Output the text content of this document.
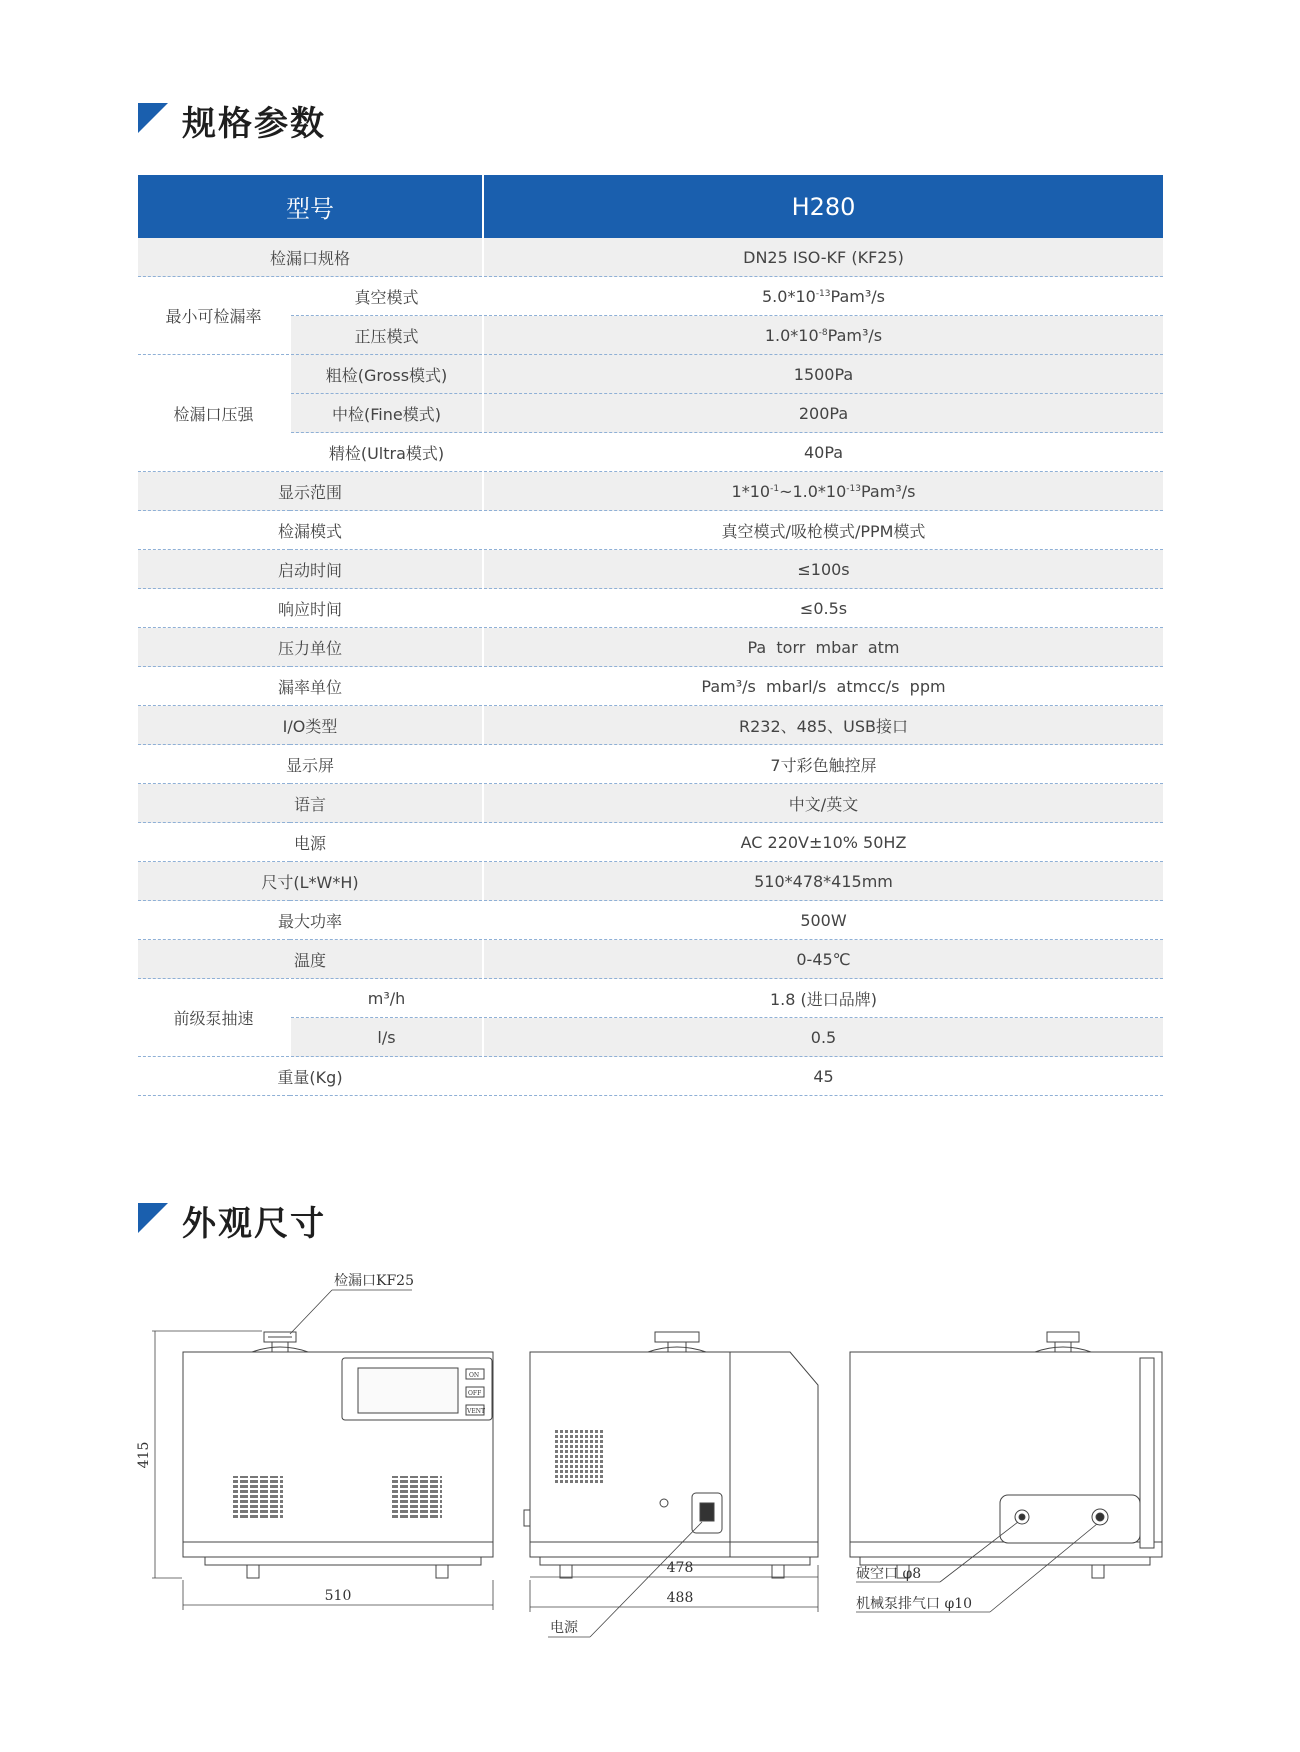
规格参数
型号		H280
检漏口规格		DN25 ISO-KF (KF25)
最小可检漏率	真空模式	$5.0*10^{-13}Pam^3/s$
	正压模式	$1.0*10^{-8}Pam^3/s$
检漏口压强	粗检(Gross模式)	1500Pa
	中检(Fine模式)	200Pa
	精检(Ultra模式)	40Pa
显示范围		$1*10^{-1}\sim 1.0*10^{-13}Pam^3/s$
检漏模式		真空模式/吸枪模式/PPM模式
启动时间		≤100s
响应时间		≤0.5s
压力单位		Pa  torr  mbar  atm
漏率单位		Pam³/s  mbarl/s  atmcc/s  ppm
I/O类型		R232、485、USB接口
显示屏		7寸彩色触控屏
语言		中文/英文
电源		AC 220V±10% 50HZ
尺寸(L*W*H)		510*478*415mm
最大功率		500W
温度		0-45℃
前级泵抽速	m³/h	1.8 (进口品牌)
	l/s	0.5
重量(Kg)		45
外观尺寸
检漏口KF25
415
510
478
488
电源
破空口 φ8
机械泵排气口 φ10
ON
OFF
VENT
